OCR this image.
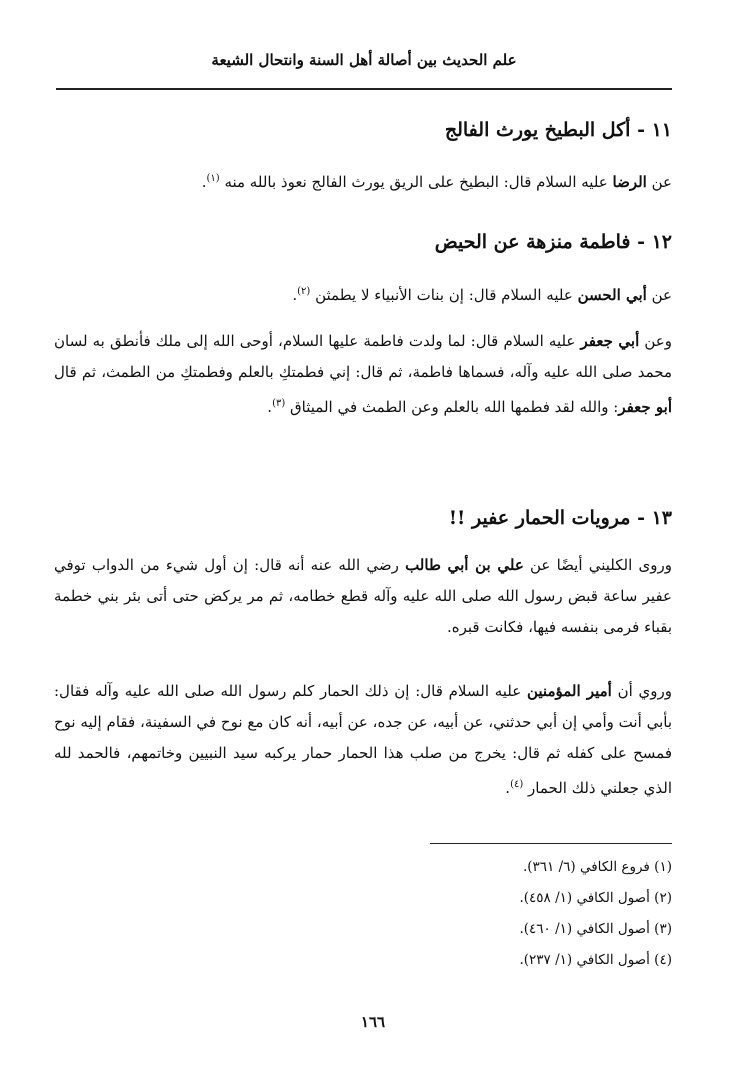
علم الحديث بين أصالة أهل السنة وانتحال الشيعة
١١ - أكل البطيخ يورث الفالج
عن الرضا عليه السلام قال: البطيخ على الريق يورث الفالج نعوذ بالله منه $^{(١)}$.
١٢ - فاطمة منزهة عن الحيض
عن أبي الحسن عليه السلام قال: إن بنات الأنبياء لا يطمثن $^{(٢)}$.
وعن أبي جعفر عليه السلام قال: لما ولدت فاطمة عليها السلام، أوحى الله إلى ملك فأنطق به لسان محمد صلى الله عليه وآله، فسماها فاطمة، ثم قال: إني فطمتكِ بالعلم وفطمتكِ من الطمث، ثم قال أبو جعفر: والله لقد فطمها الله بالعلم وعن الطمث في الميثاق $^{(٣)}$.
١٣ - مرويات الحمار عفير !!
وروى الكليني أيضًا عن علي بن أبي طالب رضي الله عنه أنه قال: إن أول شيء من الدواب توفي عفير ساعة قبض رسول الله صلى الله عليه وآله قطع خطامه، ثم مر يركض حتى أتى بئر بني خطمة بقباء فرمى بنفسه فيها، فكانت قبره.
وروي أن أمير المؤمنين عليه السلام قال: إن ذلك الحمار كلم رسول الله صلى الله عليه وآله فقال: بأبي أنت وأمي إن أبي حدثني، عن أبيه، عن جده، عن أبيه، أنه كان مع نوح في السفينة، فقام إليه نوح فمسح على كفله ثم قال: يخرج من صلب هذا الحمار حمار يركبه سيد النبيين وخاتمهم، فالحمد لله الذي جعلني ذلك الحمار $^{(٤)}$.
(١) فروع الكافي (٦/ ٣٦١).
(٢) أصول الكافي (١/ ٤٥٨).
(٣) أصول الكافي (١/ ٤٦٠).
(٤) أصول الكافي (١/ ٢٣٧).
١٦٦
